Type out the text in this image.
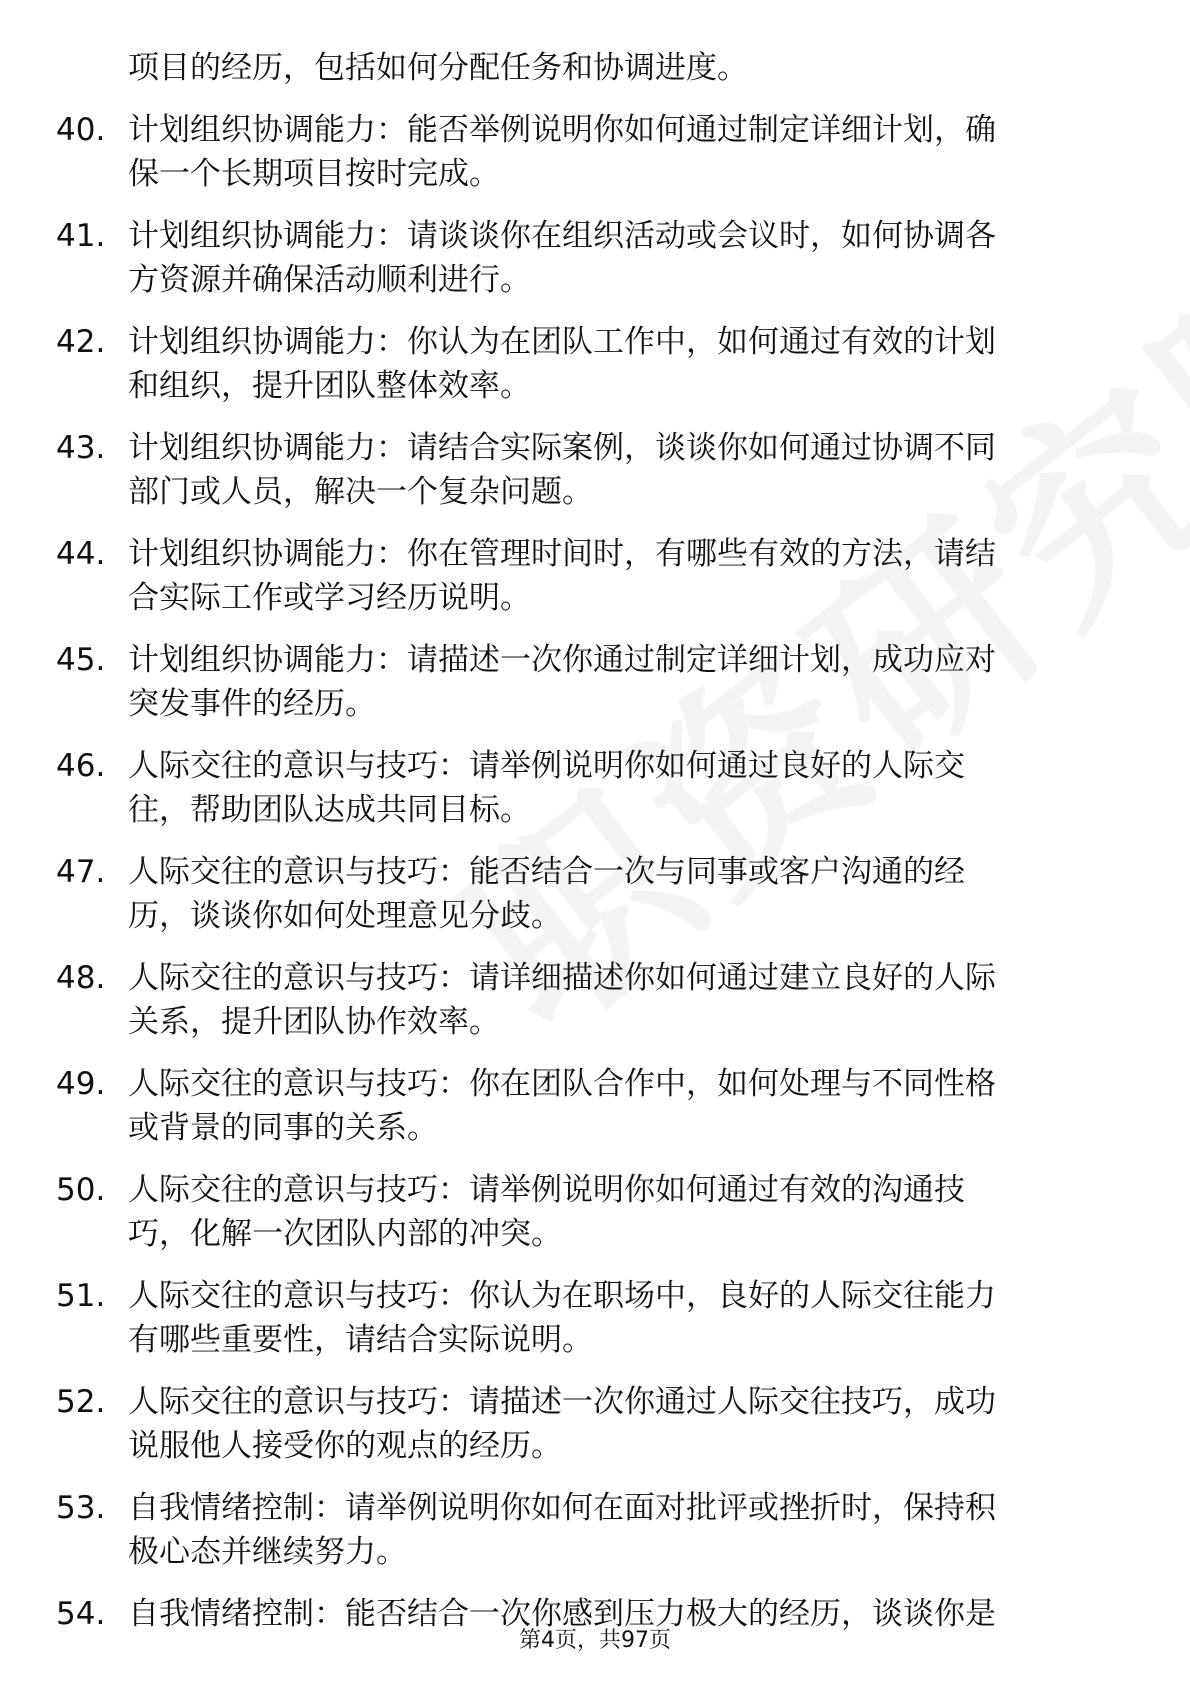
项目的经历，包括如何分配任务和协调进度。

40. 计划组织协调能力：能否举例说明你如何通过制定详细计划，确
保一个长期项目按时完成。
41. 计划组织协调能力：请谈谈你在组织活动或会议时，如何协调各
方资源并确保活动顺利进行。
42. 计划组织协调能力：你认为在团队工作中，如何通过有效的计划
和组织，提升团队整体效率。
43. 计划组织协调能力：请结合实际案例，谈谈你如何通过协调不同
部门或人员，解决一个复杂问题。
44. 计划组织协调能力：你在管理时间时，有哪些有效的方法，请结
合实际工作或学习经历说明。
45. 计划组织协调能力：请描述一次你通过制定详细计划，成功应对
突发事件的经历。
46. 人际交往的意识与技巧：请举例说明你如何通过良好的人际交
往，帮助团队达成共同目标。
47. 人际交往的意识与技巧：能否结合一次与同事或客户沟通的经
历，谈谈你如何处理意见分歧。
48. 人际交往的意识与技巧：请详细描述你如何通过建立良好的人际
关系，提升团队协作效率。
49. 人际交往的意识与技巧：你在团队合作中，如何处理与不同性格
或背景的同事的关系。
50. 人际交往的意识与技巧：请举例说明你如何通过有效的沟通技
巧，化解一次团队内部的冲突。
51. 人际交往的意识与技巧：你认为在职场中，良好的人际交往能力
有哪些重要性，请结合实际说明。
52. 人际交往的意识与技巧：请描述一次你通过人际交往技巧，成功
说服他人接受你的观点的经历。
53. 自我情绪控制：请举例说明你如何在面对批评或挫折时，保持积
极心态并继续努力。
54. 自我情绪控制：能否结合一次你感到压力极大的经历，谈谈你是
第4页，共97页
